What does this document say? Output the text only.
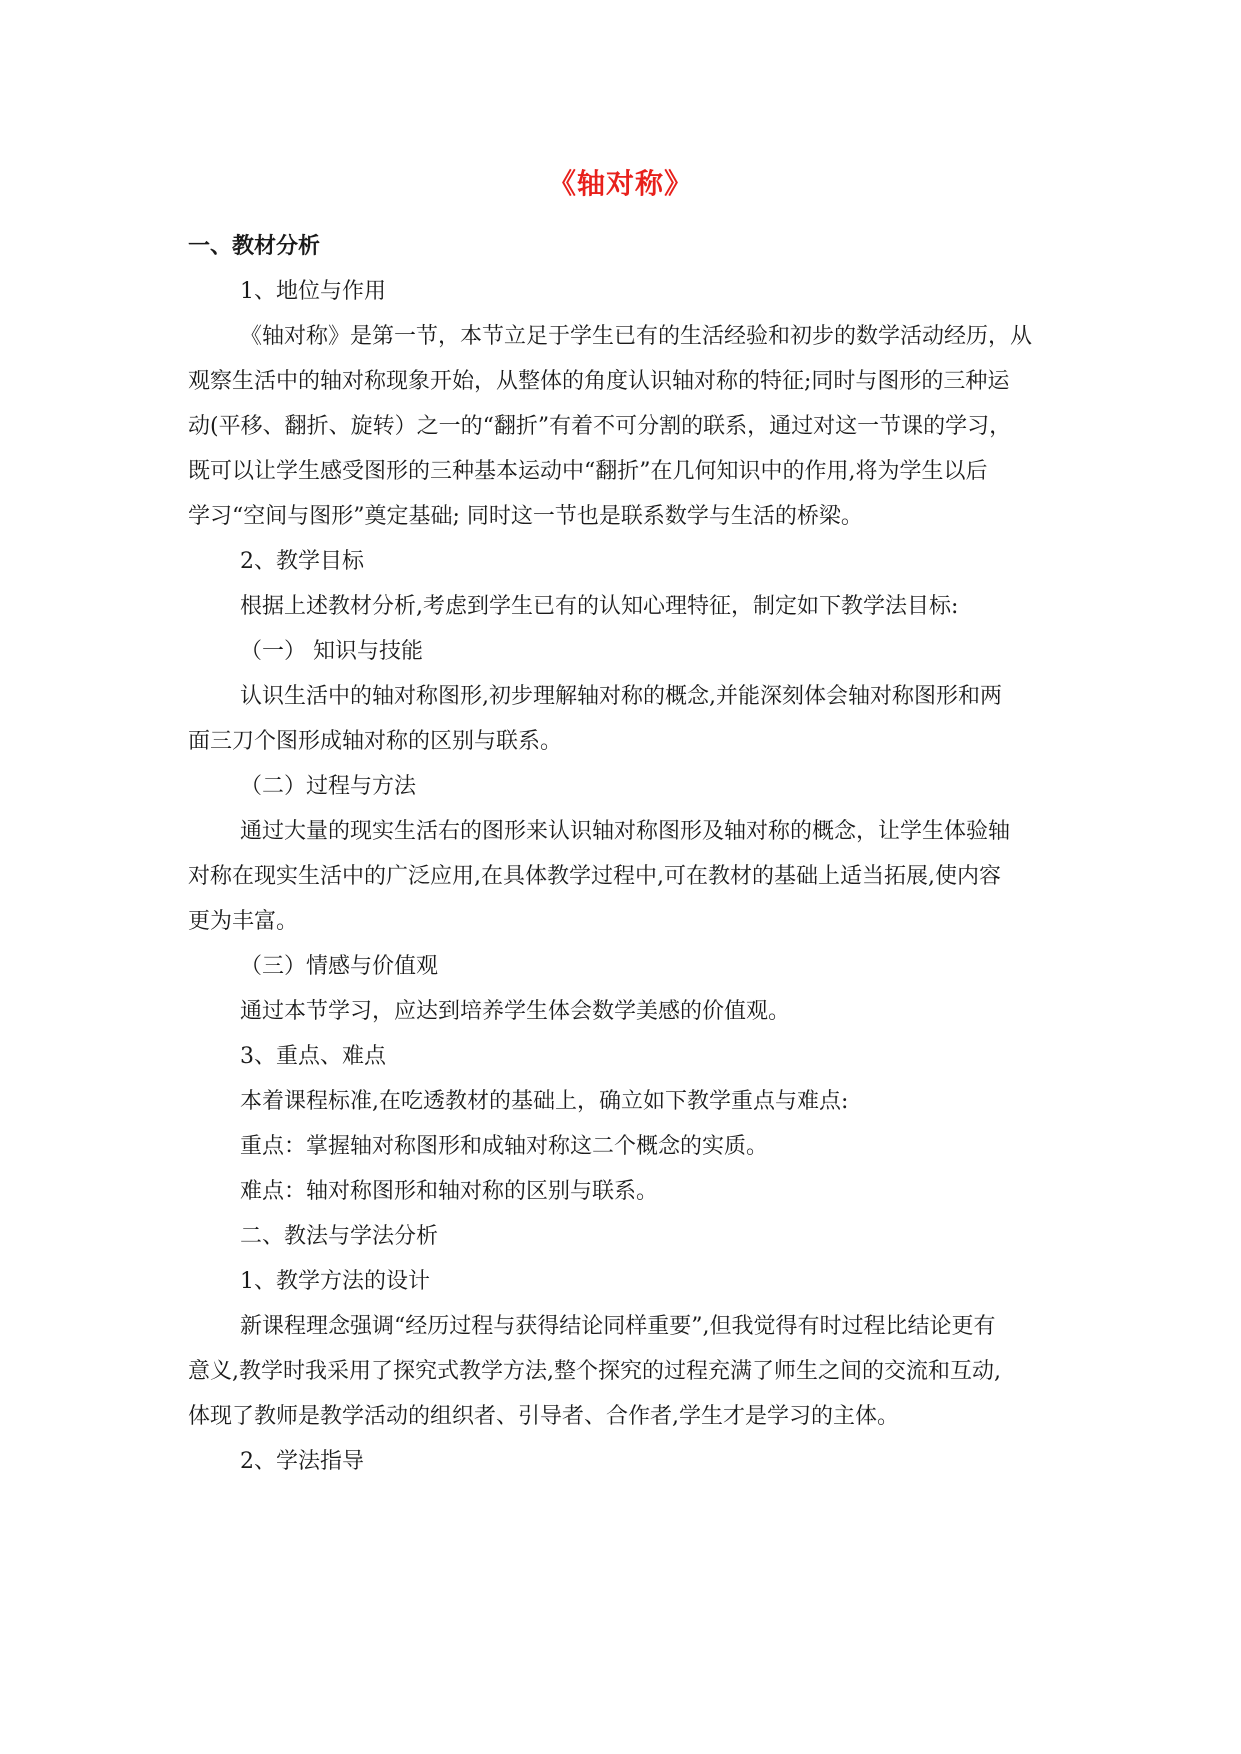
《轴对称》
一、教材分析
1、地位与作用
《轴对称》是第一节，本节立足于学生已有的生活经验和初步的数学活动经历，从
观察生活中的轴对称现象开始，从整体的角度认识轴对称的特征;同时与图形的三种运
动(平移、翻折、旋转）之一的“翻折”有着不可分割的联系，通过对这一节课的学习，
既可以让学生感受图形的三种基本运动中“翻折”在几何知识中的作用,将为学生以后
学习“空间与图形”奠定基础; 同时这一节也是联系数学与生活的桥梁。
2、教学目标
根据上述教材分析,考虑到学生已有的认知心理特征，制定如下教学法目标:
（一） 知识与技能
认识生活中的轴对称图形,初步理解轴对称的概念,并能深刻体会轴对称图形和两
面三刀个图形成轴对称的区别与联系。
（二）过程与方法
通过大量的现实生活右的图形来认识轴对称图形及轴对称的概念，让学生体验轴
对称在现实生活中的广泛应用,在具体教学过程中,可在教材的基础上适当拓展,使内容
更为丰富。
（三）情感与价值观
通过本节学习，应达到培养学生体会数学美感的价值观。
3、重点、难点
本着课程标准,在吃透教材的基础上，确立如下教学重点与难点:
重点：掌握轴对称图形和成轴对称这二个概念的实质。
难点：轴对称图形和轴对称的区别与联系。
二、教法与学法分析
1、教学方法的设计
新课程理念强调“经历过程与获得结论同样重要”,但我觉得有时过程比结论更有
意义,教学时我采用了探究式教学方法,整个探究的过程充满了师生之间的交流和互动,
体现了教师是教学活动的组织者、引导者、合作者,学生才是学习的主体。
2、学法指导
